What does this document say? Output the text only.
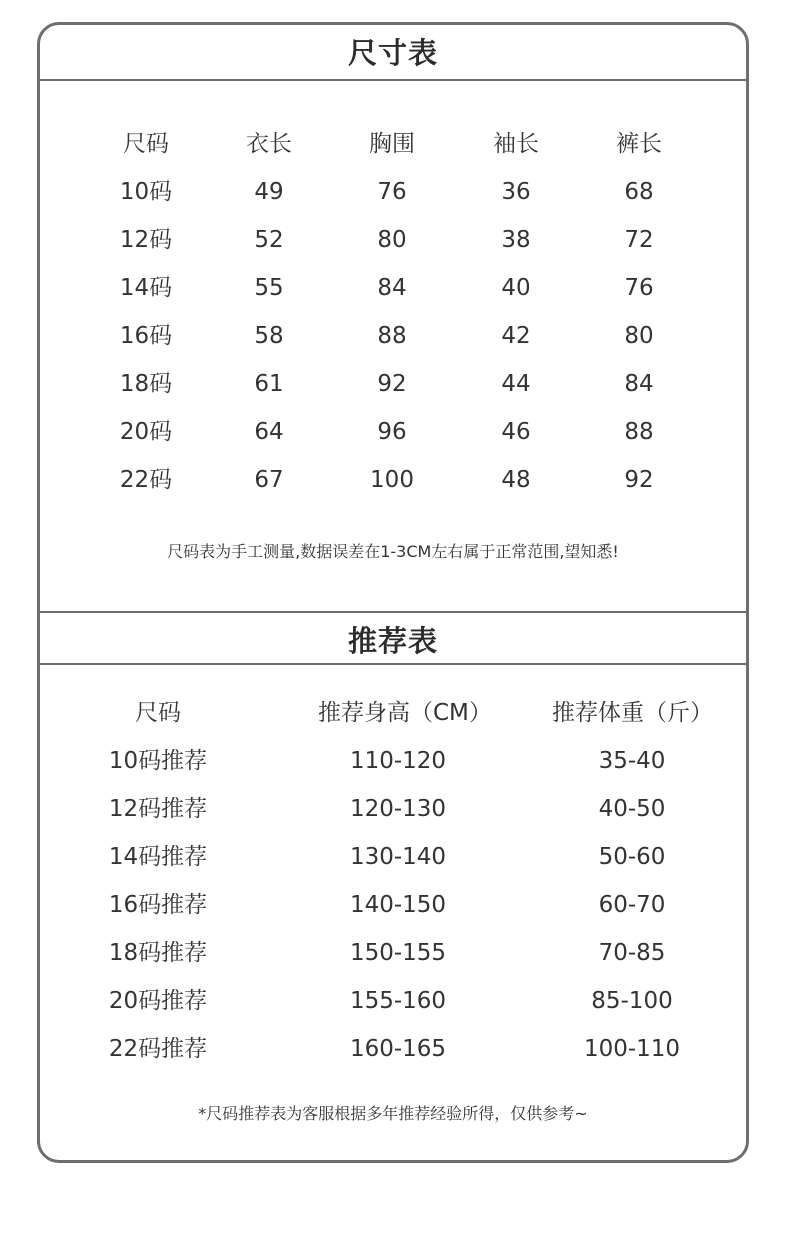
尺寸表
尺码	衣长	胸围	袖长	裤长
10码	49	76	36	68
12码	52	80	38	72
14码	55	84	40	76
16码	58	88	42	80
18码	61	92	44	84
20码	64	96	46	88
22码	67	100	48	92
尺码表为手工测量,数据误差在1-3CM左右属于正常范围,望知悉!
推荐表
尺码	推荐身高（CM）	推荐体重（斤）
10码推荐	110-120	35-40
12码推荐	120-130	40-50
14码推荐	130-140	50-60
16码推荐	140-150	60-70
18码推荐	150-155	70-85
20码推荐	155-160	85-100
22码推荐	160-165	100-110
*尺码推荐表为客服根据多年推荐经验所得，仅供参考~
